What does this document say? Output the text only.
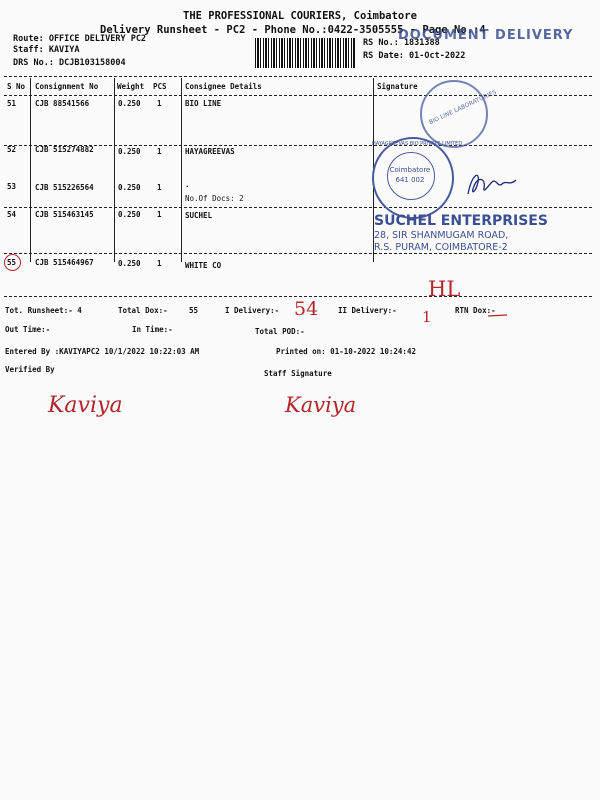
THE PROFESSIONAL COURIERS, Coimbatore
Delivery Runsheet - PC2 - Phone No.:0422-3505555 - Page No.:4
Route: OFFICE DELIVERY PC2
Staff: KAVIYA
DRS No.: DCJB103158004
RS No.: 1831388
RS Date: 01-Oct-2022
DOCUMENT DELIVERY
S No Consignment No	Weight PCS Consignee Details	Signature
51	CJB 88541566	0.250 1	BIO LINE
52	CJB 515274882	0.250 1	HAYAGREEVAS
53	CJB 515226564	0.250 1	.
No.Of Docs: 2
54	CJB 515463145	0.250 1	SUCHEL
55	CJB 515464967	0.250 1	WHITE CO
BIO LINE LABORATORIES
HAYAGREEVAS BIO PRIVATE LIMITED
Coimbatore
641 002
SUCHEL ENTERPRISES
28, SIR SHANMUGAM ROAD,
R.S. PURAM, COIMBATORE-2
HL
Tot. Runsheet:- 4	Total Dox:-	55	I Delivery:- 54	II Delivery:- 1	RTN Dox:-
Out Time:-	In Time:-	Total POD:-
Entered By :KAVIYAPC2 10/1/2022 10:22:03 AM	Printed on: 01-10-2022 10:24:42
Verified By	Staff Signature
Kaviya	Kaviya
